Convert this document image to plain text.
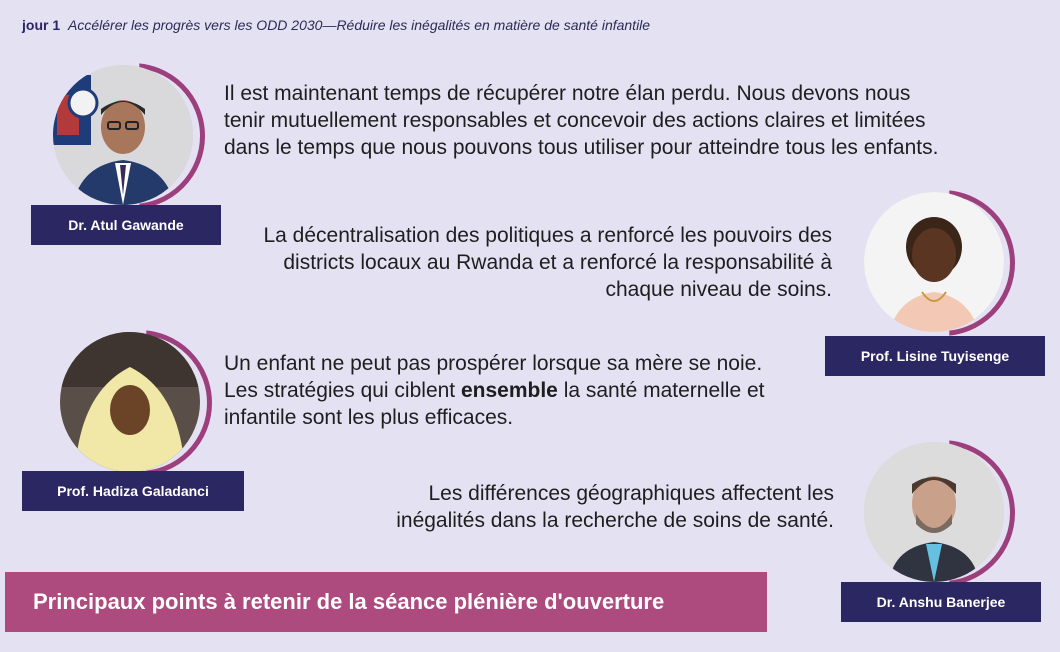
jour 1 Accélérer les progrès vers les ODD 2030—Réduire les inégalités en matière de santé infantile
Dr. Atul Gawande
Il est maintenant temps de récupérer notre élan perdu. Nous devons nous tenir mutuellement responsables et concevoir des actions claires et limitées dans le temps que nous pouvons tous utiliser pour atteindre tous les enfants.
La décentralisation des politiques a renforcé les pouvoirs des districts locaux au Rwanda et a renforcé la responsabilité à chaque niveau de soins.
Prof. Lisine Tuyisenge
Prof. Hadiza Galadanci
Un enfant ne peut pas prospérer lorsque sa mère se noie. Les stratégies qui ciblent ensemble la santé maternelle et infantile sont les plus efficaces.
Les différences géographiques affectent les inégalités dans la recherche de soins de santé.
Dr. Anshu Banerjee
Principaux points à retenir de la séance plénière d'ouverture
